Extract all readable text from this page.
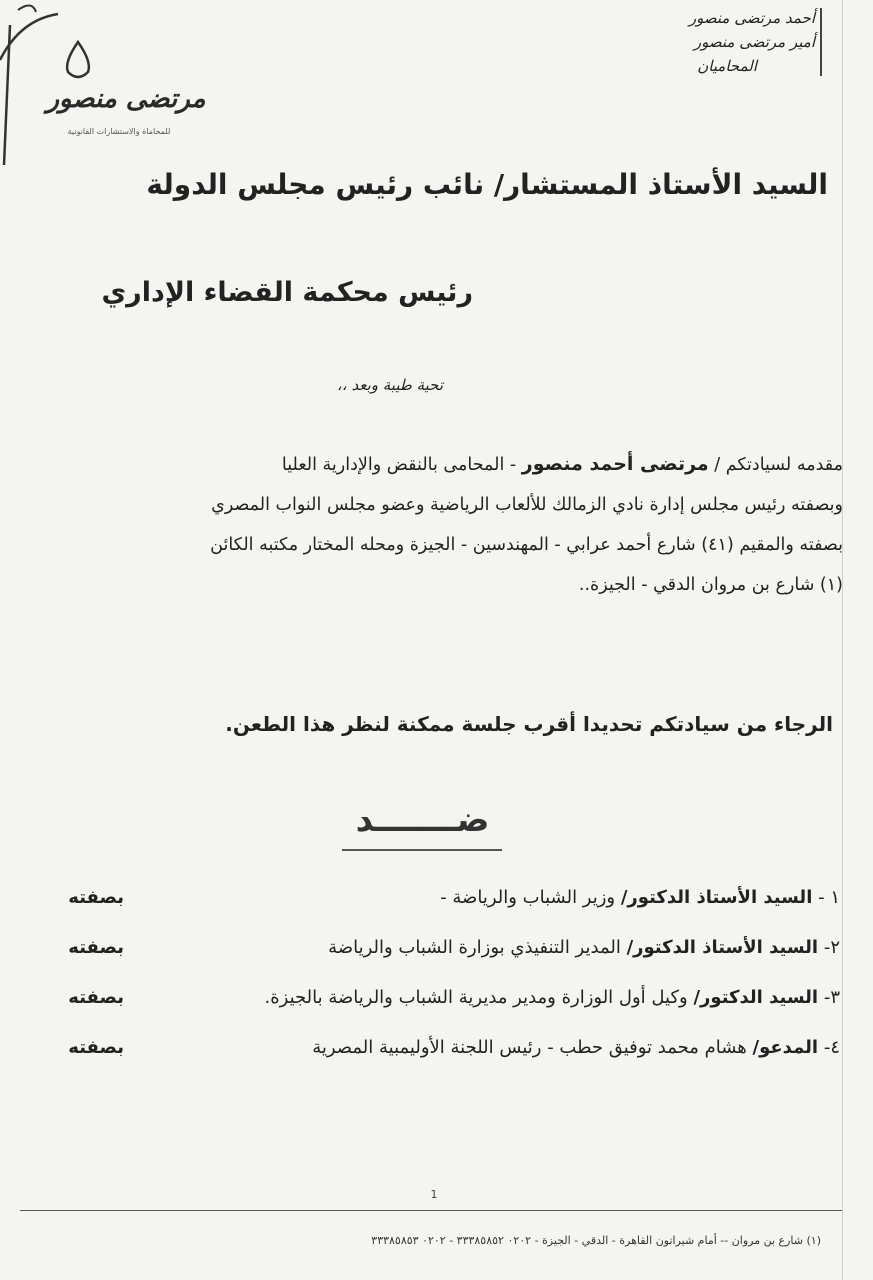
مرتضى منصور
للمحاماة والاستشارات القانونية
أحمد مرتضى منصور
أمير مرتضى منصور
المحاميان
السيد الأستاذ المستشار/ نائب رئيس مجلس الدولة
رئيس محكمة القضاء الإداري
تحية طيبة وبعد ،،

مقدمه لسيادتكم / مرتضى أحمد منصور - المحامى بالنقض والإدارية العليا

وبصفته رئيس مجلس إدارة نادي الزمالك للألعاب الرياضية وعضو مجلس النواب المصري

بصفته والمقيم (٤١) شارع أحمد عرابي - المهندسين - الجيزة ومحله المختار مكتبه الكائن

(١) شارع بن مروان الدقي - الجيزة..

الرجاء من سيادتكم تحديدا أقرب جلسة ممكنة لنظر هذا الطعن.
ضـــــــد
١ - السيد الأستاذ الدكتور/ وزير الشباب والرياضة -
بصفته
٢- السيد الأستاذ الدكتور/ المدير التنفيذي بوزارة الشباب والرياضة
بصفته
٣- السيد الدكتور/ وكيل أول الوزارة ومدير مديرية الشباب والرياضة بالجيزة.
بصفته
٤- المدعو/ هشام محمد توفيق حطب - رئيس اللجنة الأوليمبية المصرية
بصفته
1
(١) شارع بن مروان -- أمام شيراتون القاهرة - الدقي - الجيزة - ٠٢٠٢ ٣٣٣٨٥٨٥٢ - ٠٢٠٢ ٣٣٣٨٥٨٥٣
